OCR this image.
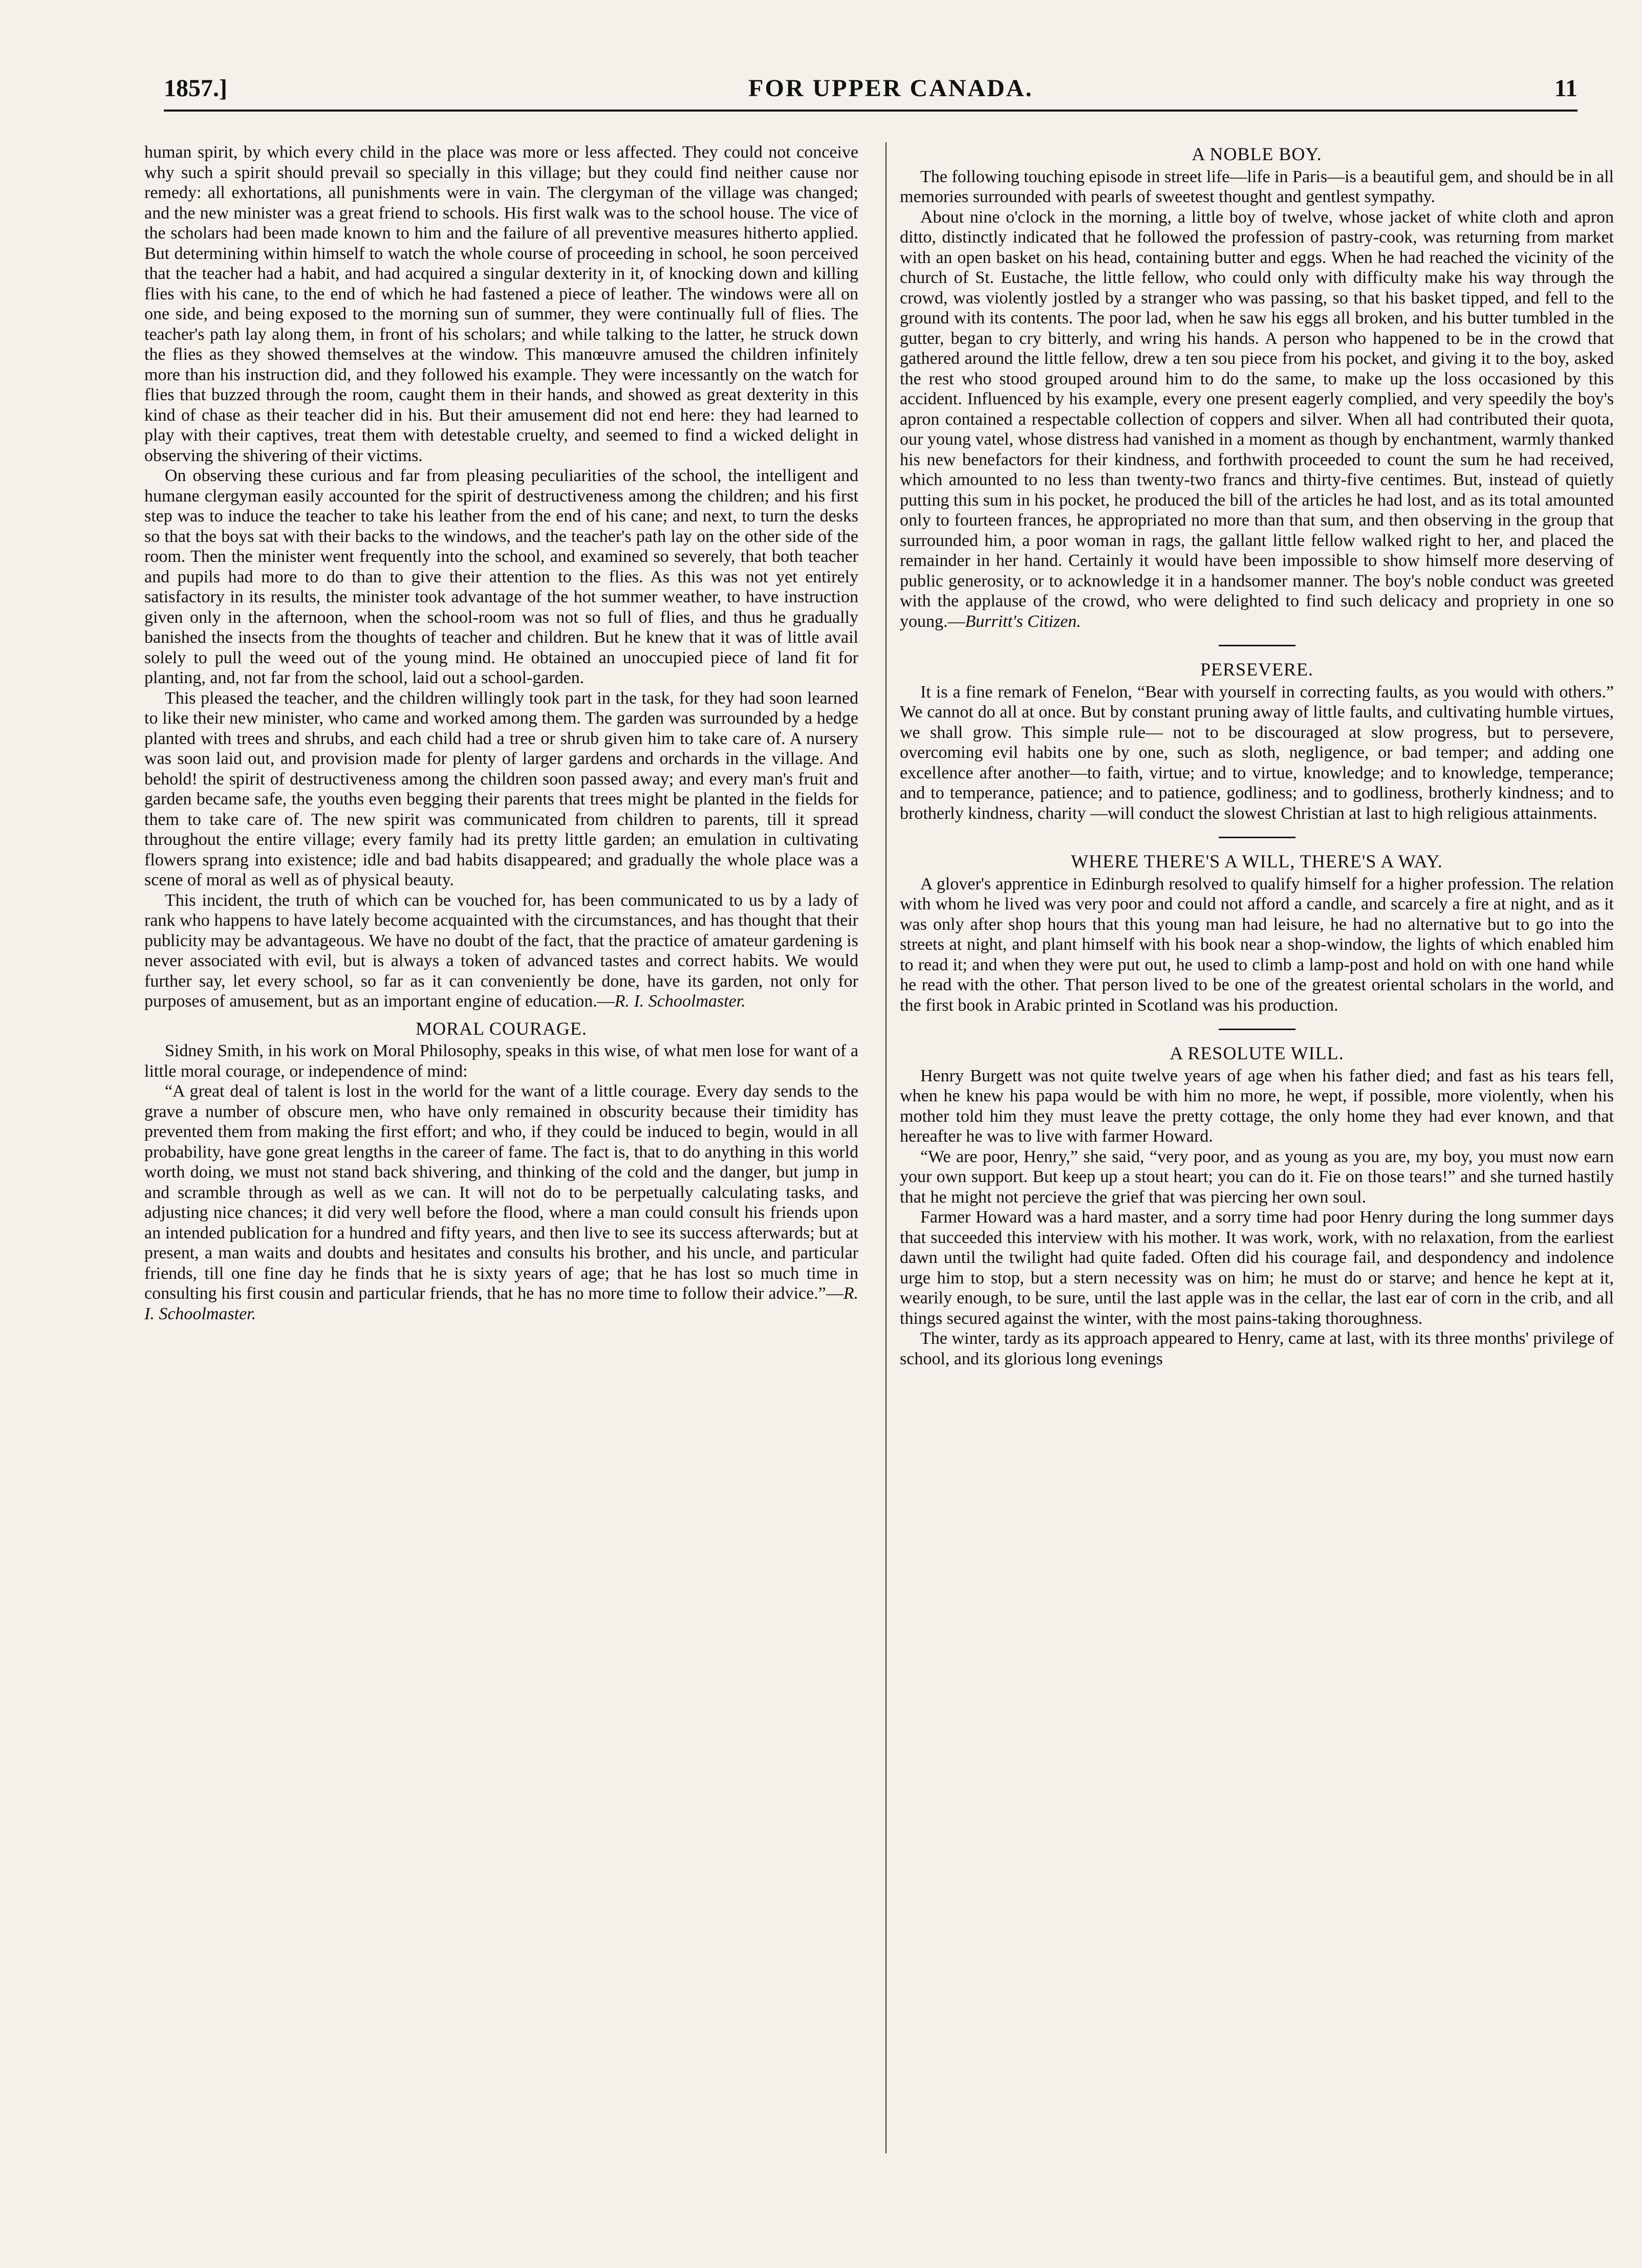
1857.]	FOR UPPER CANADA.	11

human spirit, by which every child in the place was more or less affected. They could not conceive why such a spirit should prevail so specially in this village; but they could find neither cause nor remedy: all exhortations, all punishments were in vain. The clergyman of the village was changed; and the new minister was a great friend to schools. His first walk was to the school house. The vice of the scholars had been made known to him and the failure of all preventive measures hitherto applied. But determining within himself to watch the whole course of proceeding in school, he soon perceived that the teacher had a habit, and had acquired a singular dexterity in it, of knocking down and killing flies with his cane, to the end of which he had fastened a piece of leather. The windows were all on one side, and being exposed to the morning sun of summer, they were continually full of flies. The teacher's path lay along them, in front of his scholars; and while talking to the latter, he struck down the flies as they showed themselves at the window. This manœuvre amused the children infinitely more than his instruction did, and they followed his example. They were incessantly on the watch for flies that buzzed through the room, caught them in their hands, and showed as great dexterity in this kind of chase as their teacher did in his. But their amusement did not end here: they had learned to play with their captives, treat them with detestable cruelty, and seemed to find a wicked delight in observing the shivering of their victims.

On observing these curious and far from pleasing peculiarities of the school, the intelligent and humane clergyman easily accounted for the spirit of destructiveness among the children; and his first step was to induce the teacher to take his leather from the end of his cane; and next, to turn the desks so that the boys sat with their backs to the windows, and the teacher's path lay on the other side of the room. Then the minister went frequently into the school, and examined so severely, that both teacher and pupils had more to do than to give their attention to the flies. As this was not yet entirely satisfactory in its results, the minister took advantage of the hot summer weather, to have instruction given only in the afternoon, when the school-room was not so full of flies, and thus he gradually banished the insects from the thoughts of teacher and children. But he knew that it was of little avail solely to pull the weed out of the young mind. He obtained an unoccupied piece of land fit for planting, and, not far from the school, laid out a school-garden.

This pleased the teacher, and the children willingly took part in the task, for they had soon learned to like their new minister, who came and worked among them. The garden was surrounded by a hedge planted with trees and shrubs, and each child had a tree or shrub given him to take care of. A nursery was soon laid out, and provision made for plenty of larger gardens and orchards in the village. And behold! the spirit of destructiveness among the children soon passed away; and every man's fruit and garden became safe, the youths even begging their parents that trees might be planted in the fields for them to take care of. The new spirit was communicated from children to parents, till it spread throughout the entire village; every family had its pretty little garden; an emulation in cultivating flowers sprang into existence; idle and bad habits disappeared; and gradually the whole place was a scene of moral as well as of physical beauty.

This incident, the truth of which can be vouched for, has been communicated to us by a lady of rank who happens to have lately become acquainted with the circumstances, and has thought that their publicity may be advantageous. We have no doubt of the fact, that the practice of amateur gardening is never associated with evil, but is always a token of advanced tastes and correct habits. We would further say, let every school, so far as it can conveniently be done, have its garden, not only for purposes of amusement, but as an important engine of education.—R. I. Schoolmaster.

MORAL COURAGE.

Sidney Smith, in his work on Moral Philosophy, speaks in this wise, of what men lose for want of a little moral courage, or independence of mind:

“A great deal of talent is lost in the world for the want of a little courage. Every day sends to the grave a number of obscure men, who have only remained in obscurity because their timidity has prevented them from making the first effort; and who, if they could be induced to begin, would in all probability, have gone great lengths in the career of fame. The fact is, that to do anything in this world worth doing, we must not stand back shivering, and thinking of the cold and the danger, but jump in and scramble through as well as we can. It will not do to be perpetually calculating tasks, and adjusting nice chances; it did very well before the flood, where a man could consult his friends upon an intended publication for a hundred and fifty years, and then live to see its success afterwards; but at present, a man waits and doubts and hesitates and consults his brother, and his uncle, and particular friends, till one fine day he finds that he is sixty years of age; that he has lost so much time in consulting his first cousin and particular friends, that he has no more time to follow their advice.”—R. I. Schoolmaster.

A NOBLE BOY.

The following touching episode in street life—life in Paris—is a beautiful gem, and should be in all memories surrounded with pearls of sweetest thought and gentlest sympathy.

About nine o'clock in the morning, a little boy of twelve, whose jacket of white cloth and apron ditto, distinctly indicated that he followed the profession of pastry-cook, was returning from market with an open basket on his head, containing butter and eggs. When he had reached the vicinity of the church of St. Eustache, the little fellow, who could only with difficulty make his way through the crowd, was violently jostled by a stranger who was passing, so that his basket tipped, and fell to the ground with its contents. The poor lad, when he saw his eggs all broken, and his butter tumbled in the gutter, began to cry bitterly, and wring his hands. A person who happened to be in the crowd that gathered around the little fellow, drew a ten sou piece from his pocket, and giving it to the boy, asked the rest who stood grouped around him to do the same, to make up the loss occasioned by this accident. Influenced by his example, every one present eagerly complied, and very speedily the boy's apron contained a respectable collection of coppers and silver. When all had contributed their quota, our young vatel, whose distress had vanished in a moment as though by enchantment, warmly thanked his new benefactors for their kindness, and forthwith proceeded to count the sum he had received, which amounted to no less than twenty-two francs and thirty-five centimes. But, instead of quietly putting this sum in his pocket, he produced the bill of the articles he had lost, and as its total amounted only to fourteen frances, he appropriated no more than that sum, and then observing in the group that surrounded him, a poor woman in rags, the gallant little fellow walked right to her, and placed the remainder in her hand. Certainly it would have been impossible to show himself more deserving of public generosity, or to acknowledge it in a handsomer manner. The boy's noble conduct was greeted with the applause of the crowd, who were delighted to find such delicacy and propriety in one so young.—Burritt's Citizen.

PERSEVERE.

It is a fine remark of Fenelon, “Bear with yourself in correcting faults, as you would with others.” We cannot do all at once. But by constant pruning away of little faults, and cultivating humble virtues, we shall grow. This simple rule— not to be discouraged at slow progress, but to persevere, overcoming evil habits one by one, such as sloth, negligence, or bad temper; and adding one excellence after another—to faith, virtue; and to virtue, knowledge; and to knowledge, temperance; and to temperance, patience; and to patience, godliness; and to godliness, brotherly kindness; and to brotherly kindness, charity —will conduct the slowest Christian at last to high religious attainments.

WHERE THERE'S A WILL, THERE'S A WAY.

A glover's apprentice in Edinburgh resolved to qualify himself for a higher profession. The relation with whom he lived was very poor and could not afford a candle, and scarcely a fire at night, and as it was only after shop hours that this young man had leisure, he had no alternative but to go into the streets at night, and plant himself with his book near a shop-window, the lights of which enabled him to read it; and when they were put out, he used to climb a lamp-post and hold on with one hand while he read with the other. That person lived to be one of the greatest oriental scholars in the world, and the first book in Arabic printed in Scotland was his production.

A RESOLUTE WILL.

Henry Burgett was not quite twelve years of age when his father died; and fast as his tears fell, when he knew his papa would be with him no more, he wept, if possible, more violently, when his mother told him they must leave the pretty cottage, the only home they had ever known, and that hereafter he was to live with farmer Howard.

“We are poor, Henry,” she said, “very poor, and as young as you are, my boy, you must now earn your own support. But keep up a stout heart; you can do it. Fie on those tears!” and she turned hastily that he might not percieve the grief that was piercing her own soul.

Farmer Howard was a hard master, and a sorry time had poor Henry during the long summer days that succeeded this interview with his mother. It was work, work, with no relaxation, from the earliest dawn until the twilight had quite faded. Often did his courage fail, and despondency and indolence urge him to stop, but a stern necessity was on him; he must do or starve; and hence he kept at it, wearily enough, to be sure, until the last apple was in the cellar, the last ear of corn in the crib, and all things secured against the winter, with the most pains-taking thoroughness.

The winter, tardy as its approach appeared to Henry, came at last, with its three months' privilege of school, and its glorious long evenings
